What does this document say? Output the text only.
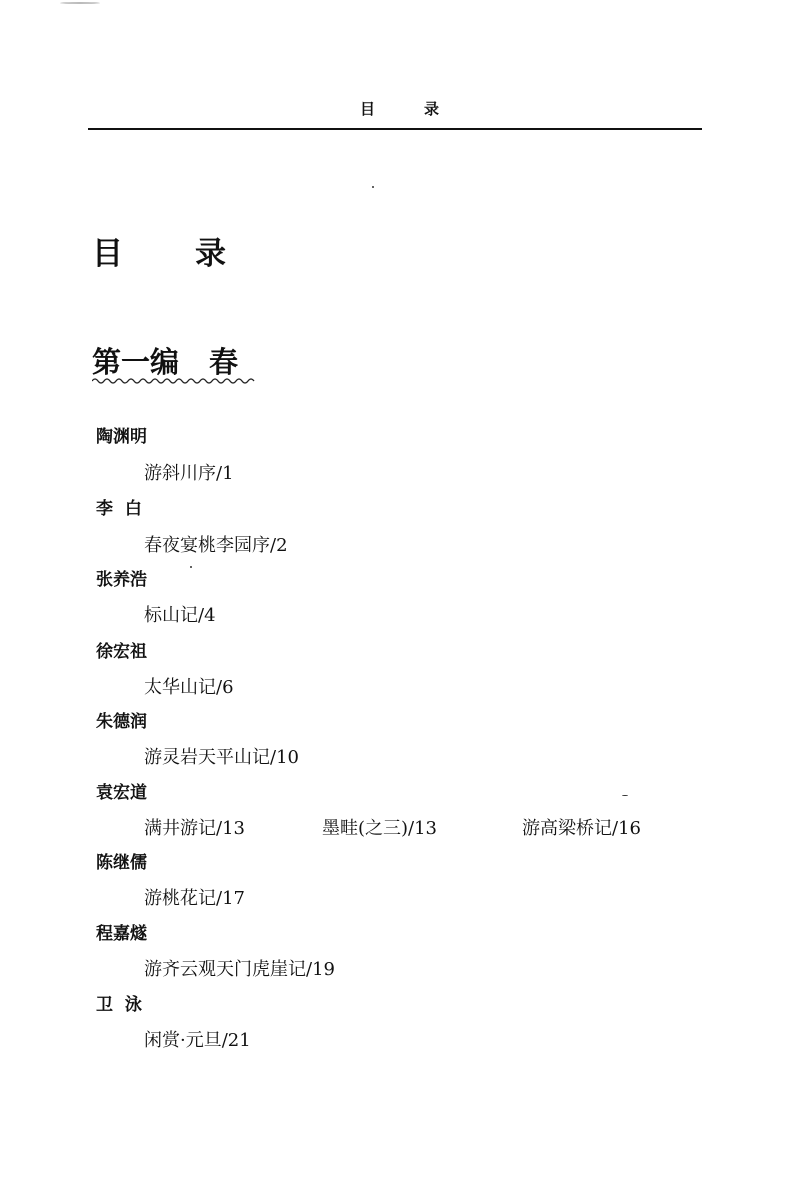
目	录
目 录
第一编 春
陶渊明
游斜川序/1
李  白
春夜宴桃李园序/2
张养浩
标山记/4
徐宏祖
太华山记/6
朱德润
游灵岩天平山记/10
袁宏道
满井游记/13	墨畦(之三)/13	游高梁桥记/16
陈继儒
游桃花记/17
程嘉燧
游齐云观天门虎崖记/19
卫  泳
闲赏·元旦/21
